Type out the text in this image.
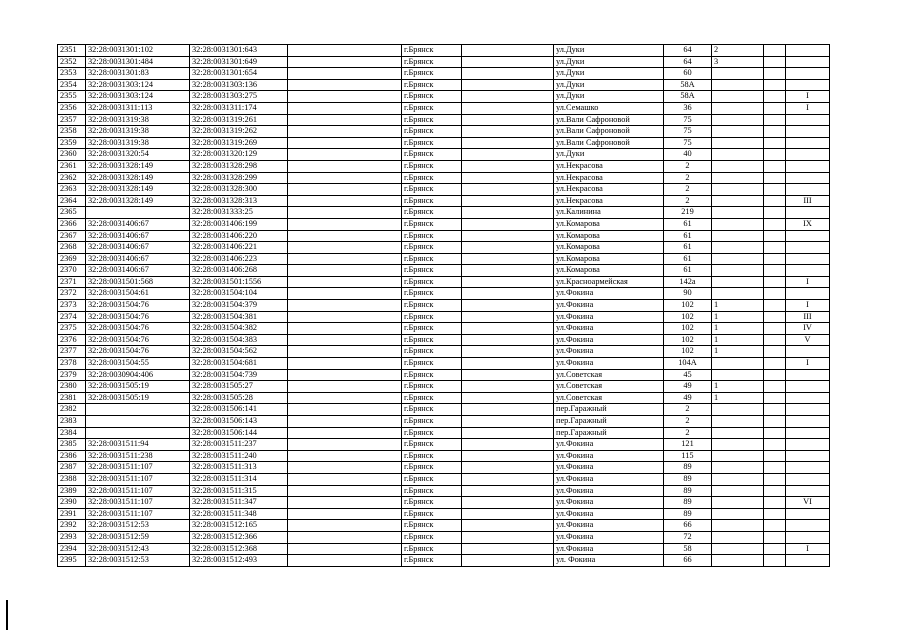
2351	32:28:0031301:102	32:28:0031301:643		г.Брянск		ул.Дуки	64	2		
2352	32:28:0031301:484	32:28:0031301:649		г.Брянск		ул.Дуки	64	3		
2353	32:28:0031301:83	32:28:0031301:654		г.Брянск		ул.Дуки	60			
2354	32:28:0031303:124	32:28:0031303:136		г.Брянск		ул.Дуки	58А			
2355	32:28:0031303:124	32:28:0031303:275		г.Брянск		ул.Дуки	58А			I
2356	32:28:0031311:113	32:28:0031311:174		г.Брянск		ул.Семашко	36			I
2357	32:28:0031319:38	32:28:0031319:261		г.Брянск		ул.Вали Сафроновой	75			
2358	32:28:0031319:38	32:28:0031319:262		г.Брянск		ул.Вали Сафроновой	75			
2359	32:28:0031319:38	32:28:0031319:269		г.Брянск		ул.Вали Сафроновой	75			
2360	32:28:0031320:54	32:28:0031320:129		г.Брянск		ул.Дуки	40			
2361	32:28:0031328:149	32:28:0031328:298		г.Брянск		ул.Некрасова	2			
2362	32:28:0031328:149	32:28:0031328:299		г.Брянск		ул.Некрасова	2			
2363	32:28:0031328:149	32:28:0031328:300		г.Брянск		ул.Некрасова	2			
2364	32:28:0031328:149	32:28:0031328:313		г.Брянск		ул.Некрасова	2			III
2365		32:28:0031333:25		г.Брянск		ул.Калинина	219			
2366	32:28:0031406:67	32:28:0031406:199		г.Брянск		ул.Комарова	61			IX
2367	32:28:0031406:67	32:28:0031406:220		г.Брянск		ул.Комарова	61			
2368	32:28:0031406:67	32:28:0031406:221		г.Брянск		ул.Комарова	61			
2369	32:28:0031406:67	32:28:0031406:223		г.Брянск		ул.Комарова	61			
2370	32:28:0031406:67	32:28:0031406:268		г.Брянск		ул.Комарова	61			
2371	32:28:0031501:568	32:28:0031501:1556		г.Брянск		ул.Красноармейская	142а			I
2372	32:28:0031504:61	32:28:0031504:104		г.Брянск		ул.Фокина	90			
2373	32:28:0031504:76	32:28:0031504:379		г.Брянск		ул.Фокина	102	1		I
2374	32:28:0031504:76	32:28:0031504:381		г.Брянск		ул.Фокина	102	1		III
2375	32:28:0031504:76	32:28:0031504:382		г.Брянск		ул.Фокина	102	1		IV
2376	32:28:0031504:76	32:28:0031504:383		г.Брянск		ул.Фокина	102	1		V
2377	32:28:0031504:76	32:28:0031504:562		г.Брянск		ул.Фокина	102	1		
2378	32:28:0031504:55	32:28:0031504:681		г.Брянск		ул.Фокина	104А			I
2379	32:28:0030904:406	32:28:0031504:739		г.Брянск		ул.Советская	45			
2380	32:28:0031505:19	32:28:0031505:27		г.Брянск		ул.Советская	49	1		
2381	32:28:0031505:19	32:28:0031505:28		г.Брянск		ул.Советская	49	1		
2382		32:28:0031506:141		г.Брянск		пер.Гаражный	2			
2383		32:28:0031506:143		г.Брянск		пер.Гаражный	2			
2384		32:28:0031506:144		г.Брянск		пер.Гаражный	2			
2385	32:28:0031511:94	32:28:0031511:237		г.Брянск		ул.Фокина	121			
2386	32:28:0031511:238	32:28:0031511:240		г.Брянск		ул.Фокина	115			
2387	32:28:0031511:107	32:28:0031511:313		г.Брянск		ул.Фокина	89			
2388	32:28:0031511:107	32:28:0031511:314		г.Брянск		ул.Фокина	89			
2389	32:28:0031511:107	32:28:0031511:315		г.Брянск		ул.Фокина	89			
2390	32:28:0031511:107	32:28:0031511:347		г.Брянск		ул.Фокина	89			VI
2391	32:28:0031511:107	32:28:0031511:348		г.Брянск		ул.Фокина	89			
2392	32:28:0031512:53	32:28:0031512:165		г.Брянск		ул.Фокина	66			
2393	32:28:0031512:59	32:28:0031512:366		г.Брянск		ул.Фокина	72			
2394	32:28:0031512:43	32:28:0031512:368		г.Брянск		ул.Фокина	58			I
2395	32:28:0031512:53	32:28:0031512:493		г.Брянск		ул. Фокина	66			
